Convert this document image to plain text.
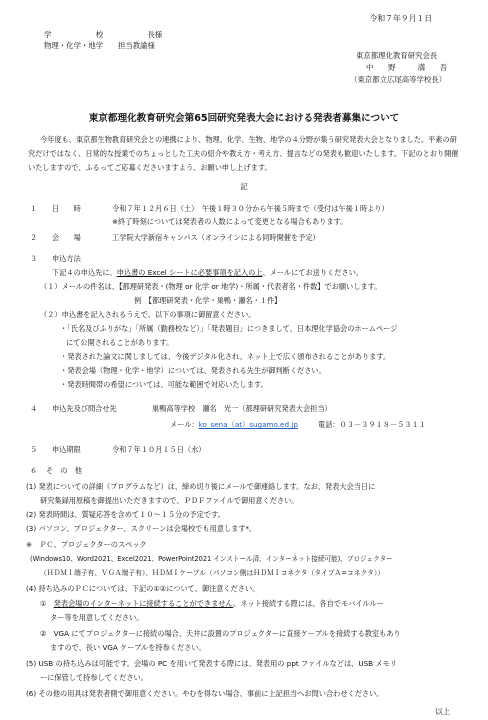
令和７年９月１日
学　　　　　　校　　　　　　長様
物理・化学・地学　　担当教諭様
東京都理化教育研究会長
中　　野　　　満　　吾
（東京都立広尾高等学校長）
東京都理化教育研究会第65回研究発表大会における発表者募集について
今年度も、東京都生物教育研究会との連携により、物理、化学、生物、地学の４分野が集う研究発表大会となりました。平素の研究だけではなく、日常的な授業でのちょっとした工夫の紹介や教え方・考え方、提言などの発表も歓迎いたします。下記のとおり開催いたしますので、ふるってご応募くださいますよう、お願い申し上げます。
記
１ 日　　時	令和７年１２月６日（土）　午後１時３０分から午後５時まで（受付は午後１時より）
※終了時刻については発表者の人数によって変更となる場合もあります。
２ 会　　場	工学院大学新宿キャンパス（オンラインによる同時開催を予定）
３ 申込方法
下記４の申込先に、申込書の Excel シートに必要事項を記入の上、メールにてお送りください。
（１）メールの件名は、【都理研発表・(物理 or 化学 or 地学)・所属・代表者名・件数】でお願いします。
例　【都理研発表・化学・巣鴨・瀬名・１件】
（２）申込書を記入されるうえで、以下の事項に御留意ください。
・「氏名及びふりがな」「所属（勤務校など）」「発表題目」につきまして、日本理化学協会のホームページ
にて公開されることがあります。
・発表された論文に関しましては、今後デジタル化され、ネット上で広く頒布されることがあります。
・発表会場（物理・化学・地学）については、発表される先生が御判断ください。
・発表時間帯の希望については、可能な範囲で対応いたします。
４ 申込先及び問合せ先	巣鴨高等学校　瀬名　光一（都理研研究発表大会担当）
メール：ko_sena（at）sugamo.ed.jp	電話：０３－３９１８－５３１１
５ 申込期限	令和７年１０月１５日（水）
６ そ　の　他
(1) 発表についての詳細（プログラムなど）は、締め切り後にメールで御連絡します。なお、発表大会当日に
研究集録用原稿を御提出いただきますので、ＰＤＦファイルで御用意ください。
(2) 発表時間は、質疑応答を含めて１０～１５分の予定です。
(3) パソコン、プロジェクター、スクリーンは会場校でも用意します*。
※　ＰＣ、プロジェクターのスペック
(Windows10、Word2021、Excel2021、PowerPoint2021 インストール済、インターネット接続可能)、プロジェクター
（ＨＤＭＩ端子有、ＶＧＡ端子有）、ＨＤＭＩケーブル（パソコン側はＨＤＭＩコネクタ（タイプＡ=コネクタ））
(4) 持ち込みのＰＣについては、下記の①②について、御注意ください。
①　発表会場のインターネットに接続することができません。ネット接続する際には、各自でモバイルルー
ター等を用意してください。
②　VGA にてプロジェクターに接続の場合、天井に設置のプロジェクターに直接ケーブルを接続する教室もあり
ますので、長い VGA ケーブルを持参ください。
(5) USB の持ち込みは可能です。会場の PC を用いて発表する際には、発表用の ppt ファイルなどは、USB メモリ
ーに保管して持参してください。
(6) その他の用具は発表者側で御用意ください。やむを得ない場合、事前に上記担当へお問い合わせください。
以上
